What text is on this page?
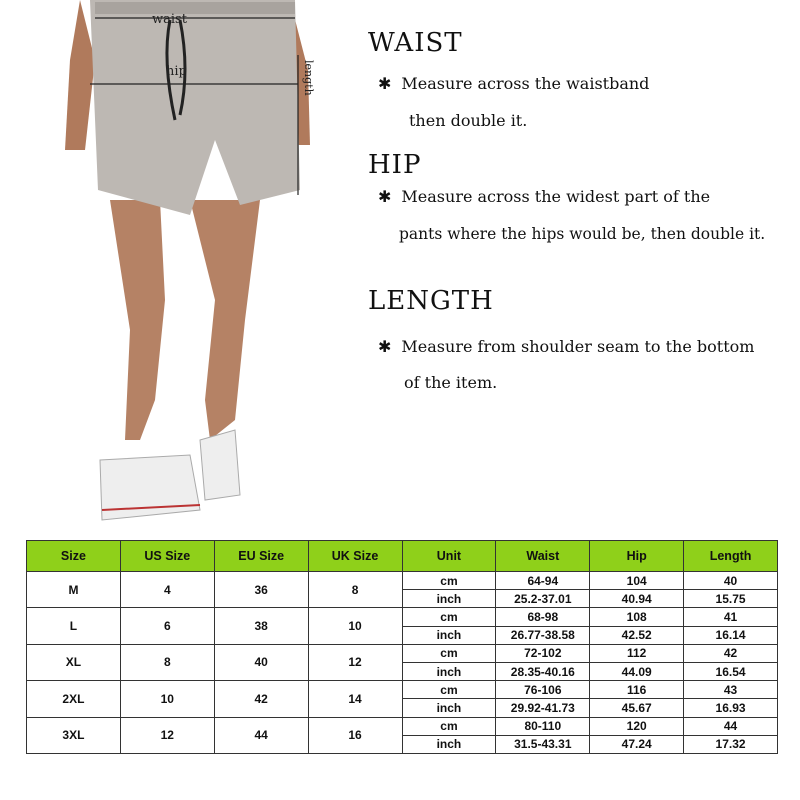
waist
hip	length
WAIST
✱ Measure across the waistband
then double it.
HIP
✱ Measure across the widest part of the
pants where the hips would be, then double it.
LENGTH
✱ Measure from shoulder seam to the bottom
of the item.
Size	US Size	EU Size	UK Size	Unit	Waist	Hip	Length
M	4	36	8	cm	64-94	104	40
				inch	25.2-37.01	40.94	15.75
L	6	38	10	cm	68-98	108	41
				inch	26.77-38.58	42.52	16.14
XL	8	40	12	cm	72-102	112	42
				inch	28.35-40.16	44.09	16.54
2XL	10	42	14	cm	76-106	116	43
				inch	29.92-41.73	45.67	16.93
3XL	12	44	16	cm	80-110	120	44
				inch	31.5-43.31	47.24	17.32
